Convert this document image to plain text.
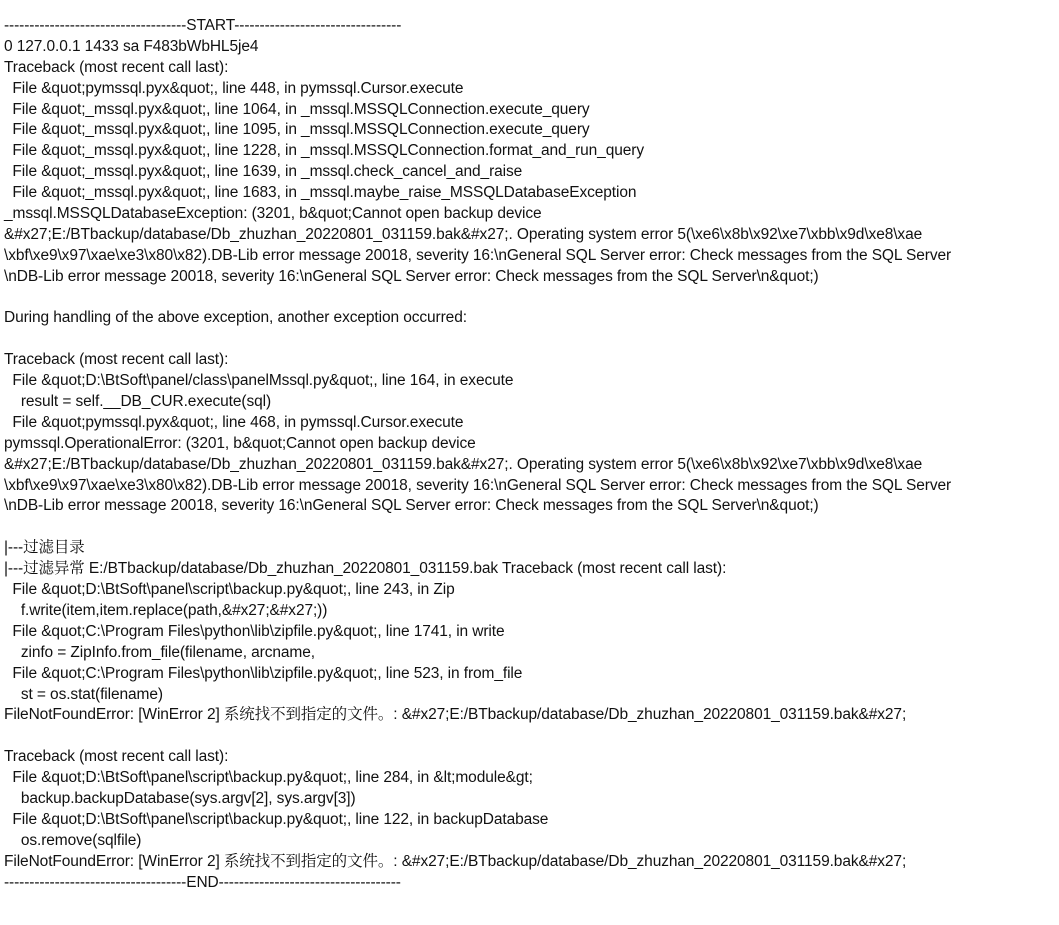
------------------------------------START---------------------------------
0 127.0.0.1 1433 sa F483bWbHL5je4
Traceback (most recent call last):
File &quot;pymssql.pyx&quot;, line 448, in pymssql.Cursor.execute
File &quot;_mssql.pyx&quot;, line 1064, in _mssql.MSSQLConnection.execute_query
File &quot;_mssql.pyx&quot;, line 1095, in _mssql.MSSQLConnection.execute_query
File &quot;_mssql.pyx&quot;, line 1228, in _mssql.MSSQLConnection.format_and_run_query
File &quot;_mssql.pyx&quot;, line 1639, in _mssql.check_cancel_and_raise
File &quot;_mssql.pyx&quot;, line 1683, in _mssql.maybe_raise_MSSQLDatabaseException
_mssql.MSSQLDatabaseException: (3201, b&quot;Cannot open backup device
&#x27;E:/BTbackup/database/Db_zhuzhan_20220801_031159.bak&#x27;. Operating system error 5(\xe6\x8b\x92\xe7\xbb\x9d\xe8\xae
\xbf\xe9\x97\xae\xe3\x80\x82).DB-Lib error message 20018, severity 16:\nGeneral SQL Server error: Check messages from the SQL Server
\nDB-Lib error message 20018, severity 16:\nGeneral SQL Server error: Check messages from the SQL Server\n&quot;)
During handling of the above exception, another exception occurred:
Traceback (most recent call last):
File &quot;D:\BtSoft\panel/class\panelMssql.py&quot;, line 164, in execute
result = self.__DB_CUR.execute(sql)
File &quot;pymssql.pyx&quot;, line 468, in pymssql.Cursor.execute
pymssql.OperationalError: (3201, b&quot;Cannot open backup device
&#x27;E:/BTbackup/database/Db_zhuzhan_20220801_031159.bak&#x27;. Operating system error 5(\xe6\x8b\x92\xe7\xbb\x9d\xe8\xae
\xbf\xe9\x97\xae\xe3\x80\x82).DB-Lib error message 20018, severity 16:\nGeneral SQL Server error: Check messages from the SQL Server
\nDB-Lib error message 20018, severity 16:\nGeneral SQL Server error: Check messages from the SQL Server\n&quot;)
|---过滤目录
|---过滤异常 E:/BTbackup/database/Db_zhuzhan_20220801_031159.bak Traceback (most recent call last):
File &quot;D:\BtSoft\panel\script\backup.py&quot;, line 243, in Zip
f.write(item,item.replace(path,&#x27;&#x27;))
File &quot;C:\Program Files\python\lib\zipfile.py&quot;, line 1741, in write
zinfo = ZipInfo.from_file(filename, arcname,
File &quot;C:\Program Files\python\lib\zipfile.py&quot;, line 523, in from_file
st = os.stat(filename)
FileNotFoundError: [WinError 2] 系统找不到指定的文件。: &#x27;E:/BTbackup/database/Db_zhuzhan_20220801_031159.bak&#x27;
Traceback (most recent call last):
File &quot;D:\BtSoft\panel\script\backup.py&quot;, line 284, in &lt;module&gt;
backup.backupDatabase(sys.argv[2], sys.argv[3])
File &quot;D:\BtSoft\panel\script\backup.py&quot;, line 122, in backupDatabase
os.remove(sqlfile)
FileNotFoundError: [WinError 2] 系统找不到指定的文件。: &#x27;E:/BTbackup/database/Db_zhuzhan_20220801_031159.bak&#x27;
------------------------------------END------------------------------------
